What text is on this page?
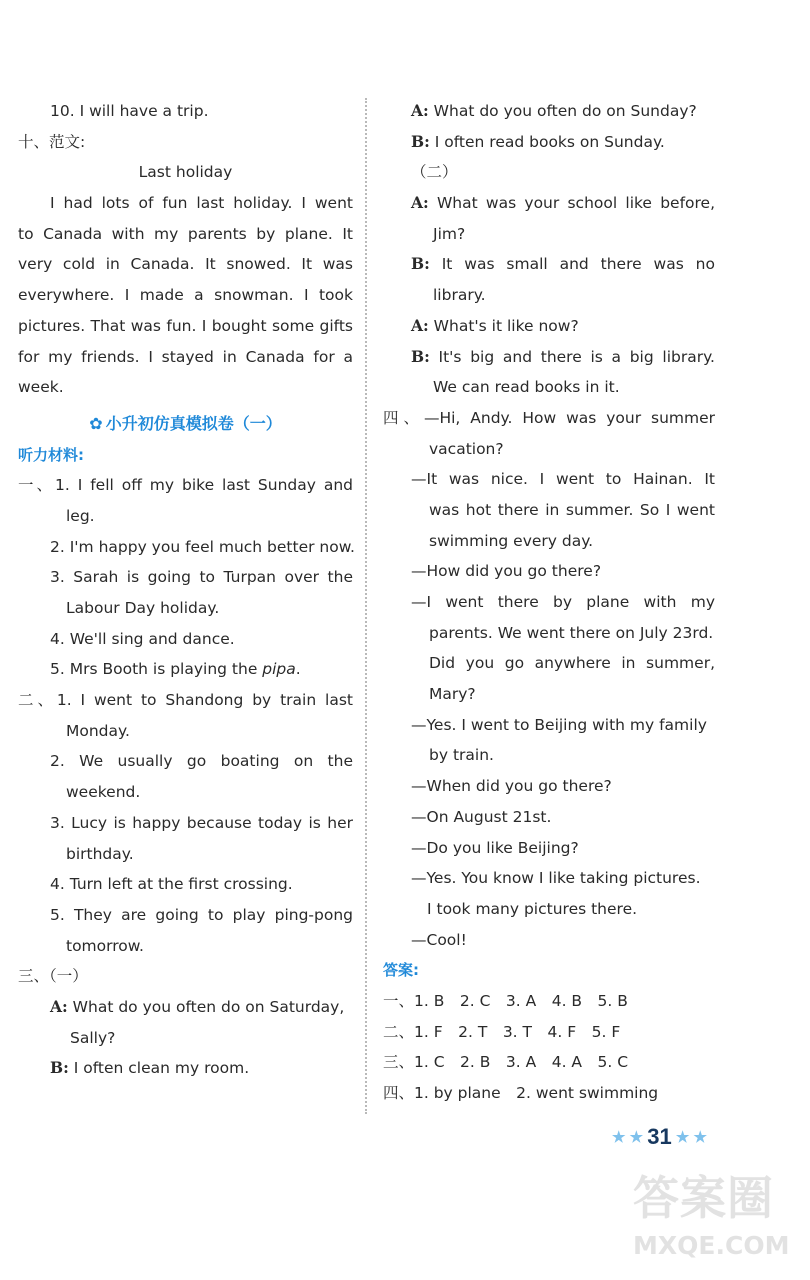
10. I will have a trip.
十、范文:
Last holiday
I had lots of fun last holiday. I went
to Canada with my parents by plane. It
very cold in Canada. It snowed. It was
everywhere. I made a snowman. I took
pictures. That was fun. I bought some gifts
for my friends. I stayed in Canada for a
week.
✿ 小升初仿真模拟卷（一）
听力材料:
一、1. I fell off my bike last Sunday and
leg.
2. I'm happy you feel much better now.
3. Sarah is going to Turpan over the
Labour Day holiday.
4. We'll sing and dance.
5. Mrs Booth is playing the pipa.
二、1. I went to Shandong by train last
Monday.
2. We usually go boating on the
weekend.
3. Lucy is happy because today is her
birthday.
4. Turn left at the first crossing.
5. They are going to play ping-pong
tomorrow.
三、（一）
A: What do you often do on Saturday,
Sally?
B: I often clean my room.
A: What do you often do on Sunday?
B: I often read books on Sunday.
（二）
A: What was your school like before,
Jim?
B: It was small and there was no
library.
A: What's it like now?
B: It's big and there is a big library.
We can read books in it.
四、—Hi, Andy. How was your summer
vacation?
—It was nice. I went to Hainan. It
was hot there in summer. So I went
swimming every day.
—How did you go there?
—I went there by plane with my
parents. We went there on July 23rd.
Did you go anywhere in summer,
Mary?
—Yes. I went to Beijing with my family
by train.
—When did you go there?
—On August 21st.
—Do you like Beijing?
—Yes. You know I like taking pictures.
I took many pictures there.
—Cool!
答案:
一、1. B　2. C　3. A　4. B　5. B
二、1. F　2. T　3. T　4. F　5. F
三、1. C　2. B　3. A　4. A　5. C
四、1. by plane　2. went swimming
★ ★ 31 ★ ★
答案圈
MXQE.COM
